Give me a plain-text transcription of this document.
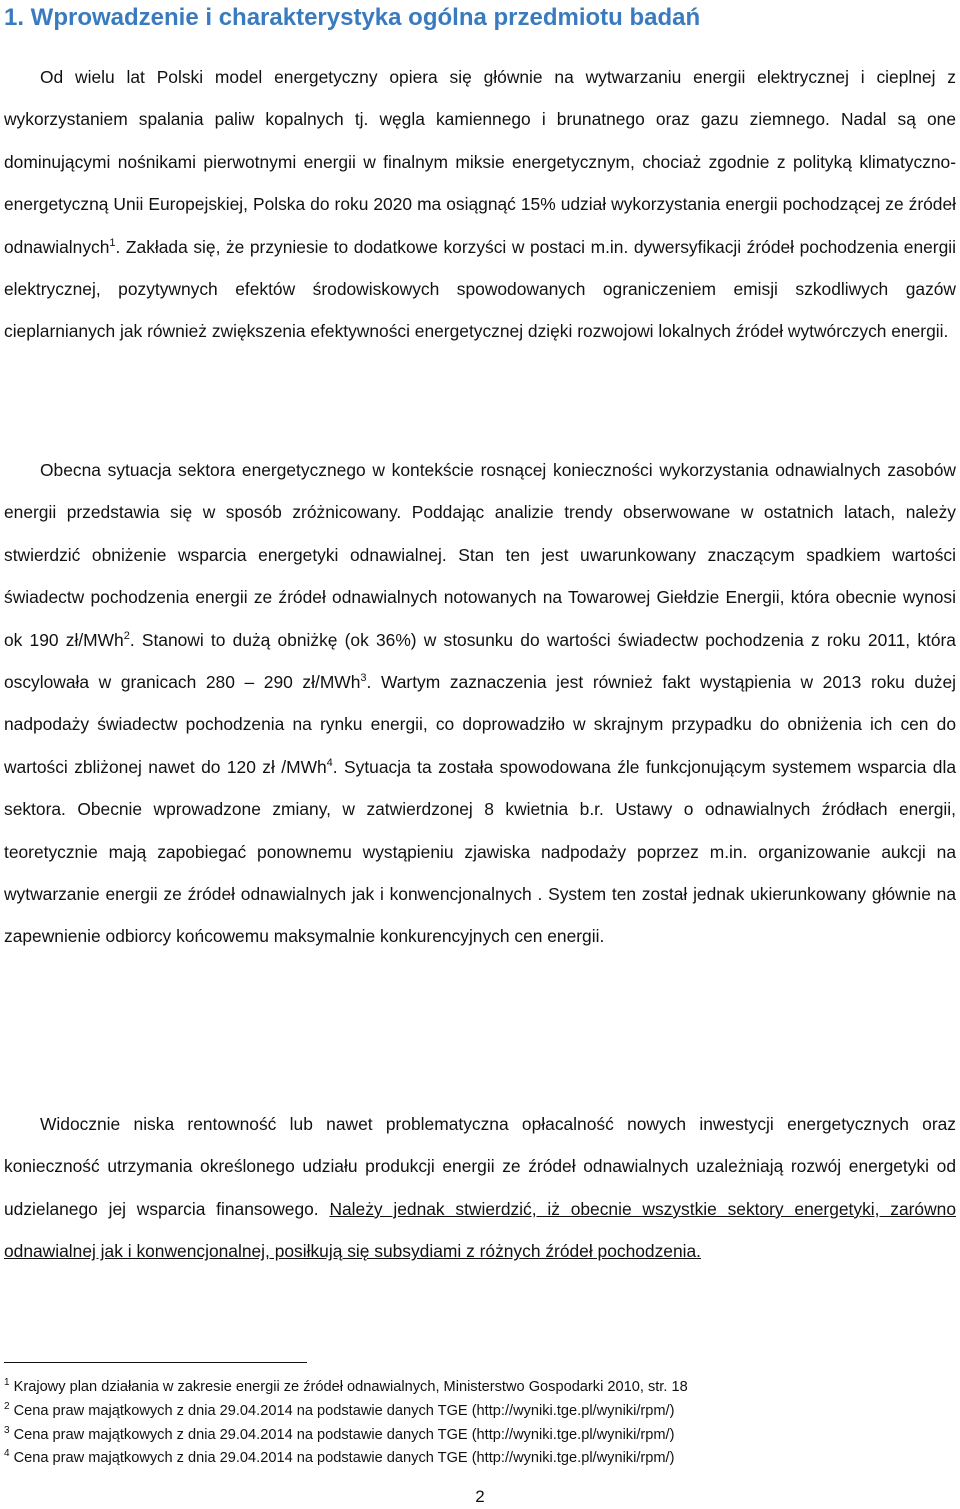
1. Wprowadzenie i charakterystyka ogólna przedmiotu badań

Od wielu lat Polski model energetyczny opiera się głównie na wytwarzaniu energii elektrycznej i cieplnej z wykorzystaniem spalania paliw kopalnych tj. węgla kamiennego i brunatnego oraz gazu ziemnego. Nadal są one dominującymi nośnikami pierwotnymi energii w finalnym miksie energetycznym, chociaż zgodnie z polityką klimatyczno-energetyczną Unii Europejskiej, Polska do roku 2020 ma osiągnąć 15% udział wykorzystania energii pochodzącej ze źródeł odnawialnych$^1$. Zakłada się, że przyniesie to dodatkowe korzyści w postaci m.in. dywersyfikacji źródeł pochodzenia energii elektrycznej, pozytywnych efektów środowiskowych spowodowanych ograniczeniem emisji szkodliwych gazów cieplarnianych jak również zwiększenia efektywności energetycznej dzięki rozwojowi lokalnych źródeł wytwórczych energii.

Obecna sytuacja sektora energetycznego w kontekście rosnącej konieczności wykorzystania odnawialnych zasobów energii przedstawia się w sposób zróżnicowany. Poddając analizie trendy obserwowane w ostatnich latach, należy stwierdzić obniżenie wsparcia energetyki odnawialnej. Stan ten jest uwarunkowany znaczącym spadkiem wartości świadectw pochodzenia energii ze źródeł odnawialnych notowanych na Towarowej Giełdzie Energii, która obecnie wynosi ok 190 zł/MWh$^2$. Stanowi to dużą obniżkę (ok 36%) w stosunku do wartości świadectw pochodzenia z roku 2011, która oscylowała w granicach 280 – 290 zł/MWh$^3$. Wartym zaznaczenia jest również fakt wystąpienia w 2013 roku dużej nadpodaży świadectw pochodzenia na rynku energii, co doprowadziło w skrajnym przypadku do obniżenia ich cen do wartości zbliżonej nawet do 120 zł /MWh$^4$. Sytuacja ta została spowodowana źle funkcjonującym systemem wsparcia dla sektora. Obecnie wprowadzone zmiany, w zatwierdzonej 8 kwietnia b.r. Ustawy o odnawialnych źródłach energii, teoretycznie mają zapobiegać ponownemu wystąpieniu zjawiska nadpodaży poprzez m.in. organizowanie aukcji na wytwarzanie energii ze źródeł odnawialnych jak i konwencjonalnych . System ten został jednak ukierunkowany głównie na zapewnienie odbiorcy końcowemu maksymalnie konkurencyjnych cen energii.

Widocznie niska rentowność lub nawet problematyczna opłacalność nowych inwestycji energetycznych oraz konieczność utrzymania określonego udziału produkcji energii ze źródeł odnawialnych uzależniają rozwój energetyki od udzielanego jej wsparcia finansowego. Należy jednak stwierdzić, iż obecnie wszystkie sektory energetyki, zarówno odnawialnej jak i konwencjonalnej, posiłkują się subsydiami z różnych źródeł pochodzenia.

$^1$ Krajowy plan działania w zakresie energii ze źródeł odnawialnych, Ministerstwo Gospodarki 2010, str. 18
$^2$ Cena praw majątkowych z dnia 29.04.2014 na podstawie danych TGE (http://wyniki.tge.pl/wyniki/rpm/)
$^3$ Cena praw majątkowych z dnia 29.04.2014 na podstawie danych TGE (http://wyniki.tge.pl/wyniki/rpm/)
$^4$ Cena praw majątkowych z dnia 29.04.2014 na podstawie danych TGE (http://wyniki.tge.pl/wyniki/rpm/)
2
